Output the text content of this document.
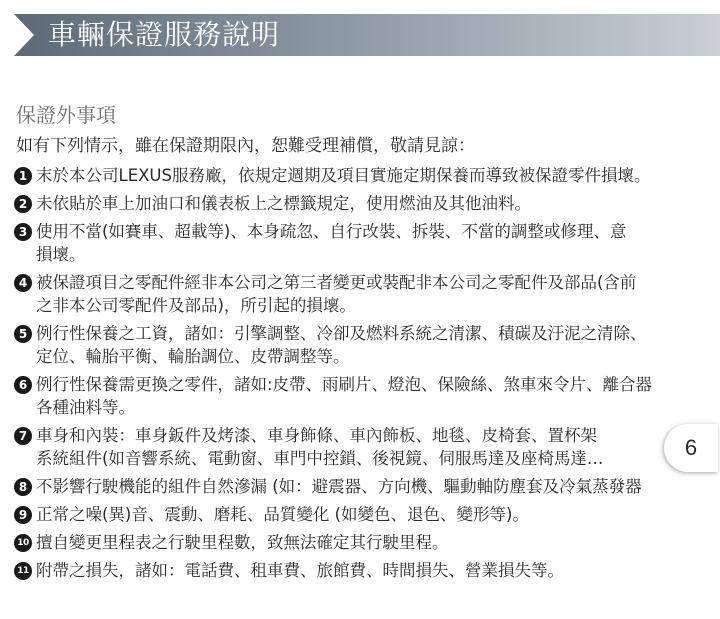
車輛保證服務說明
保證外事項
如有下列情示，雖在保證期限內，恕難受理補償，敬請見諒：
1 末於本公司LEXUS服務廠，依規定週期及項目實施定期保養而導致被保證零件損壞。
2 未依貼於車上加油口和儀表板上之標籤規定，使用燃油及其他油料。
3 使用不當(如賽車、超載等)、本身疏忽、自行改裝、拆裝、不當的調整或修理、意
損壞。
4 被保證項目之零配件經非本公司之第三者變更或裝配非本公司之零配件及部品(含前
之非本公司零配件及部品)，所引起的損壞。
5 例行性保養之工資，諸如：引擎調整、冷卻及燃料系統之清潔、積碳及汙泥之清除、
定位、輪胎平衡、輪胎調位、皮帶調整等。
6 例行性保養需更換之零件，諸如:皮帶、雨刷片、燈泡、保險絲、煞車來令片、離合器
各種油料等。
7 車身和內裝：車身鈑件及烤漆、車身飾條、車內飾板、地毯、皮椅套、置杯架
系統組件(如音響系統、電動窗、車門中控鎖、後視鏡、伺服馬達及座椅馬達…
8 不影響行駛機能的組件自然滲漏 (如：避震器、方向機、驅動軸防塵套及冷氣蒸發器
9 正常之噪(異)音、震動、磨耗、品質變化 (如變色、退色、變形等)。
10 擅自變更里程表之行駛里程數，致無法確定其行駛里程。
11 附帶之損失，諸如：電話費、租車費、旅館費、時間損失、營業損失等。
6
